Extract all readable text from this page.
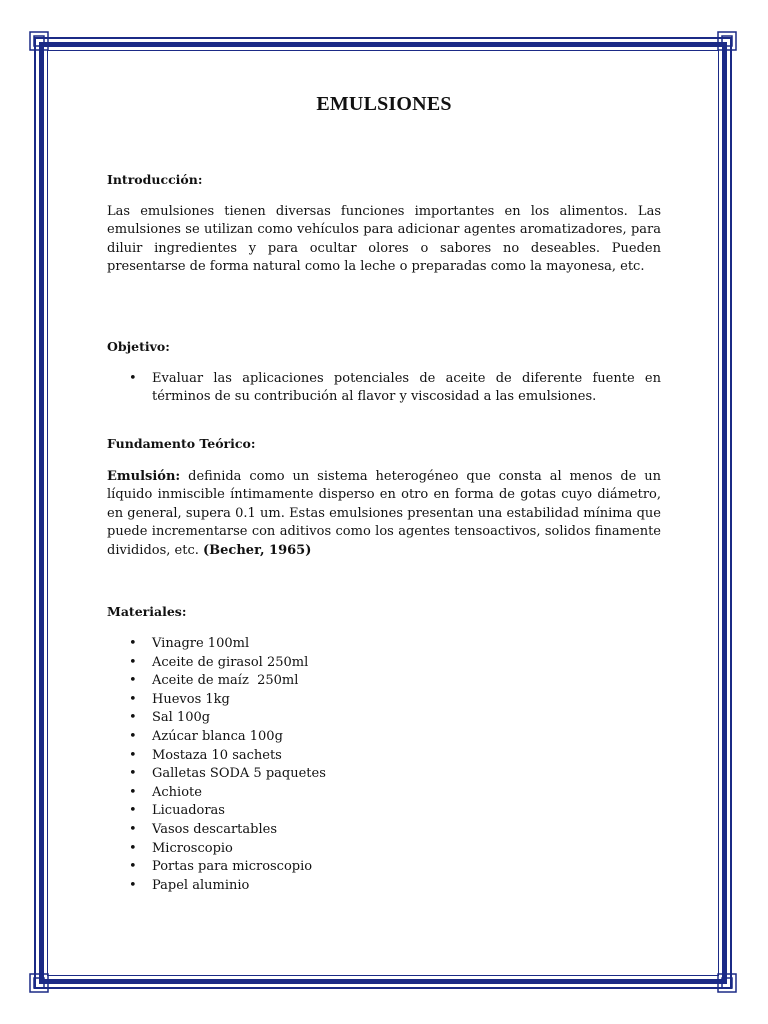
EMULSIONES
Introducción:

Las emulsiones tienen diversas funciones importantes en los alimentos. Las emulsiones se utilizan como vehículos para adicionar agentes aromatizadores, para diluir ingredientes y para ocultar olores o sabores no deseables. Pueden presentarse de forma natural como la leche o preparadas como la mayonesa, etc.

Objetivo:
• Evaluar las aplicaciones potenciales de aceite de diferente fuente en términos de su contribución al flavor y viscosidad a las emulsiones.
Fundamento Teórico:

Emulsión: definida como un sistema heterogéneo que consta al menos de un líquido inmiscible íntimamente disperso en otro en forma de gotas cuyo diámetro, en general, supera 0.1 um. Estas emulsiones presentan una estabilidad mínima que puede incrementarse con aditivos como los agentes tensoactivos, solidos finamente divididos, etc. (Becher, 1965)

Materiales:
• Vinagre 100ml
• Aceite de girasol 250ml
• Aceite de maíz  250ml
• Huevos 1kg
• Sal 100g
• Azúcar blanca 100g
• Mostaza 10 sachets
• Galletas SODA 5 paquetes
• Achiote
• Licuadoras
• Vasos descartables
• Microscopio
• Portas para microscopio
• Papel aluminio
